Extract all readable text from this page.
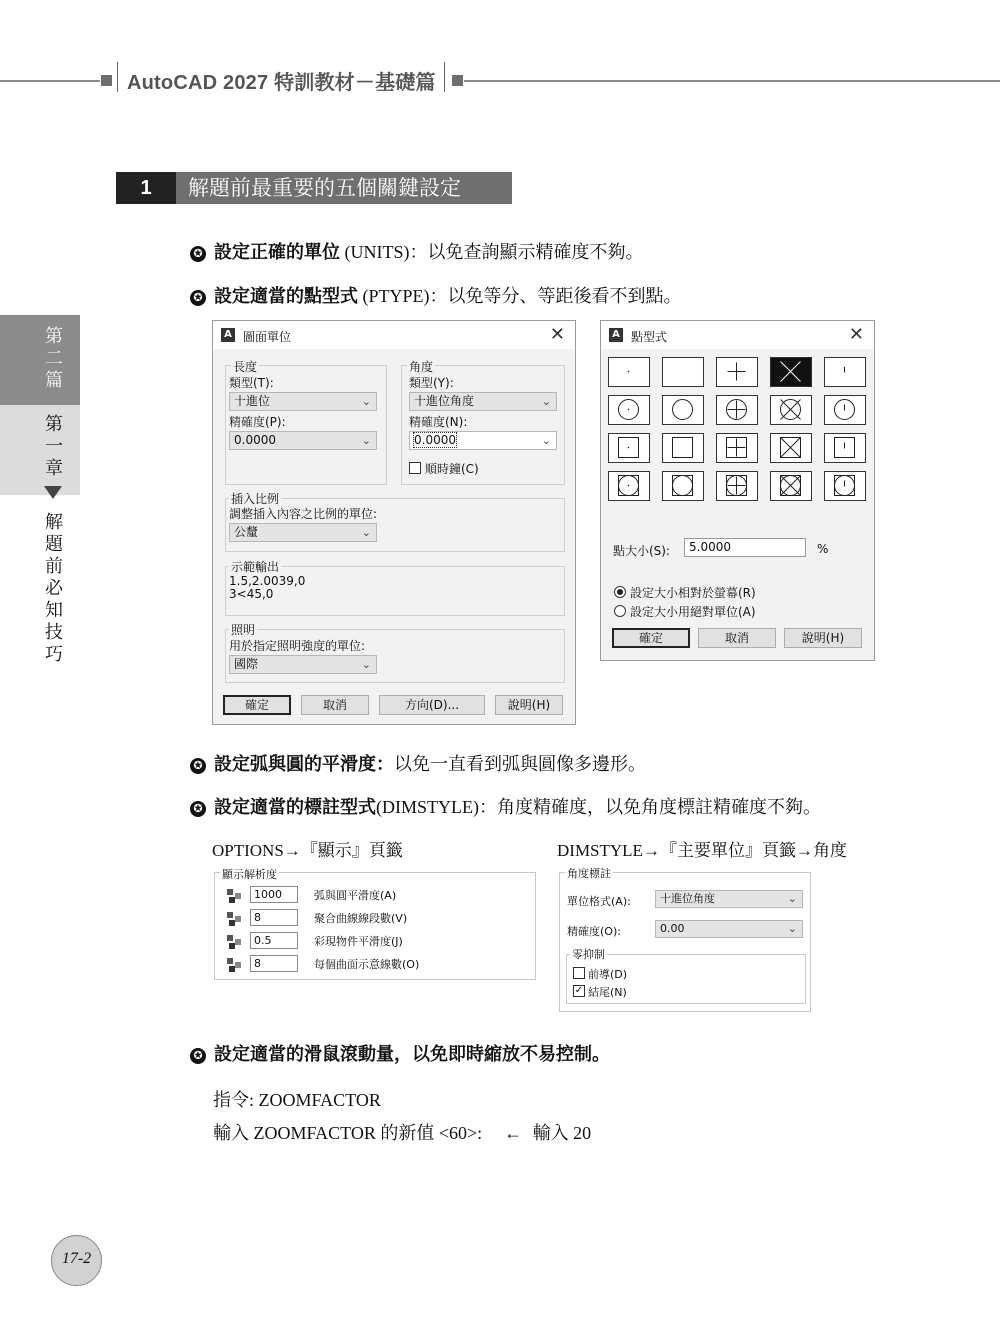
AutoCAD 2027 特訓教材－基礎篇
1	解題前最重要的五個關鍵設定
第
二
篇
第
一
章
解
題
前
必
知
技
巧
✪ 設定正確的單位 (UNITS)：以免查詢顯示精確度不夠。
✪ 設定適當的點型式 (PTYPE)：以免等分、等距後看不到點。
A 圖面單位	✕
長度
類型(T):
十進位	⌄
精確度(P):
0.0000	⌄
角度
類型(Y):
十進位角度	⌄
精確度(N):
0.0000	⌄
順時鐘(C)
插入比例
調整插入內容之比例的單位:
公釐	⌄
示範輸出
1.5,2.0039,0
3<45,0
照明
用於指定照明強度的單位:
國際	⌄
確定	取消	方向(D)...	說明(H)
A 點型式	✕
點大小(S):	5.0000	%
設定大小相對於螢幕(R)
設定大小用絕對單位(A)
確定	取消	說明(H)
✪ 設定弧與圓的平滑度：以免一直看到弧與圓像多邊形。
✪ 設定適當的標註型式(DIMSTYLE)：角度精確度，以免角度標註精確度不夠。
OPTIONS→『顯示』頁籤
顯示解析度
1000	弧與圓平滑度(A)
8	聚合曲線線段數(V)
0.5	彩現物件平滑度(J)
8	每個曲面示意線數(O)
DIMSTYLE→『主要單位』頁籤→角度
角度標註
單位格式(A):	十進位角度	⌄
精確度(O):	0.00	⌄
零抑制
前導(D)
✓ 結尾(N)
✪ 設定適當的滑鼠滾動量，以免即時縮放不易控制。
指令: ZOOMFACTOR
輸入 ZOOMFACTOR 的新值 <60>: ← 輸入 20
17-2
